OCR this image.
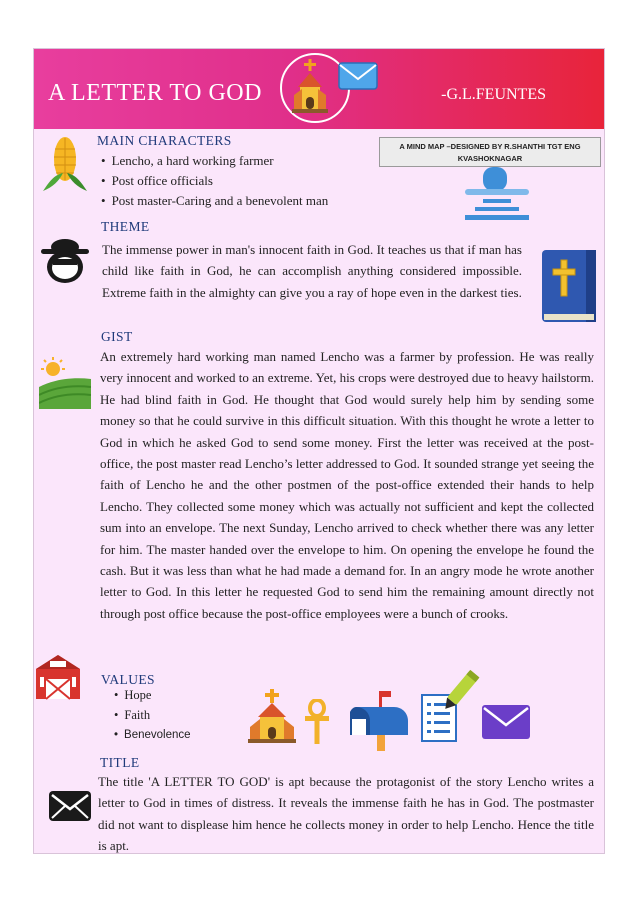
A LETTER TO GOD	-G.L.FEUNTES
A MIND MAP –DESIGNED BY R.SHANTHI TGT ENG
KVASHOKNAGAR
MAIN CHARACTERS
• Lencho, a hard working farmer
• Post office officials
• Post master-Caring and a benevolent man
THEME

The immense power in man's innocent faith in God. It teaches us that if man has child like faith in God, he can accomplish anything considered impossible. Extreme faith in the almighty can give you a ray of hope even in the darkest ties.

GIST

An extremely hard working man named Lencho was a farmer by profession. He was really very innocent and worked to an extreme. Yet, his crops were destroyed due to heavy hailstorm. He had blind faith in God. He thought that God would surely help him by sending some money so that he could survive in this difficult situation. With this thought he wrote a letter to God in which he asked God to send some money. First the letter was received at the post-office, the post master read Lencho’s letter addressed to God. It sounded strange yet seeing the faith of Lencho he and the other postmen of the post-office extended their hands to help Lencho. They collected some money which was actually not sufficient and kept the collected sum into an envelope. The next Sunday, Lencho arrived to check whether there was any letter for him. The master handed over the envelope to him. On opening the envelope he found the cash. But it was less than what he had made a demand for. In an angry mode he wrote another letter to God. In this letter he requested God to send him the remaining amount directly not through post office because the post-office employees were a bunch of crooks.

VALUES
• Hope
• Faith
• Benevolence
TITLE

The title 'A LETTER TO GOD' is apt because the protagonist of the story Lencho writes a letter to God in times of distress. It reveals the immense faith he has in God. The postmaster did not want to displease him hence he collects money in order to help Lencho. Hence the title is apt.
